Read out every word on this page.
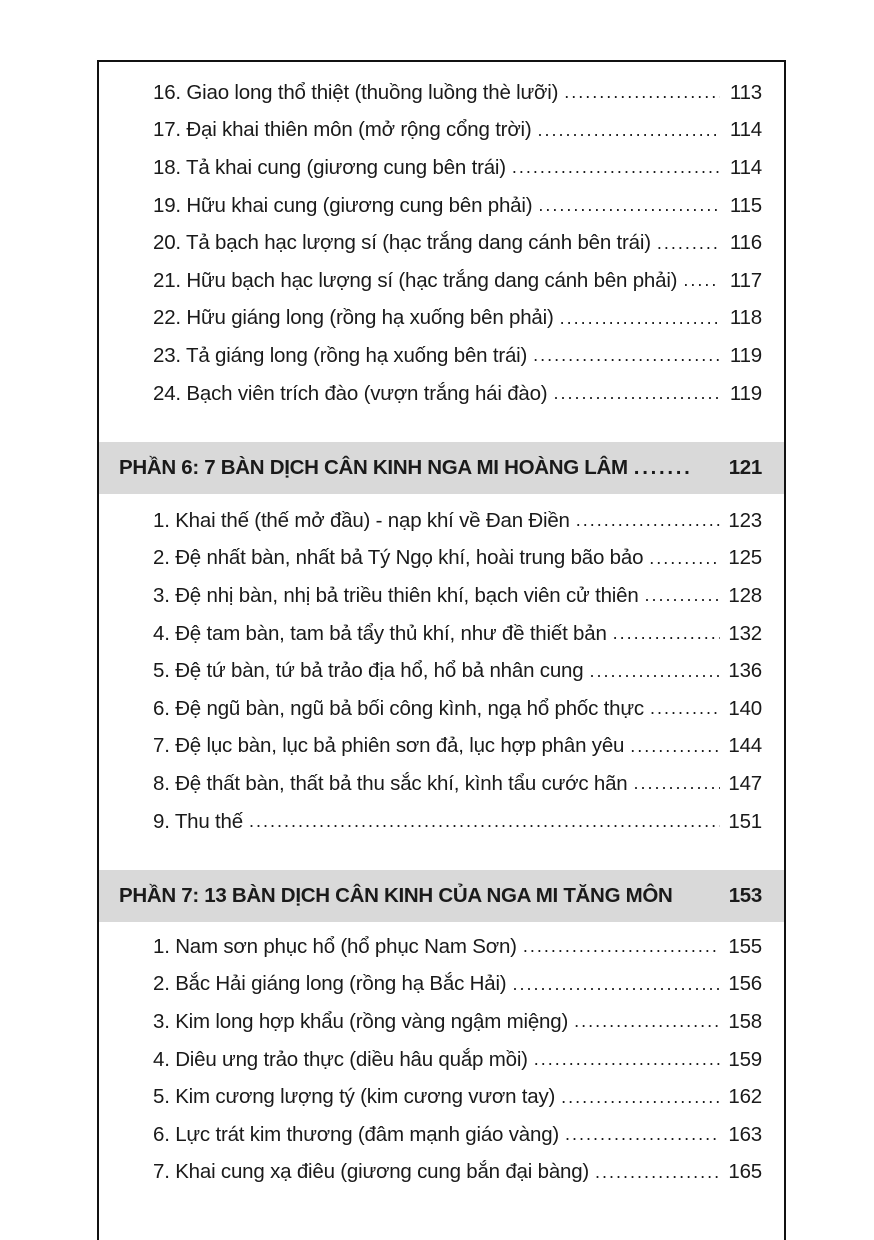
16. Giao long thổ thiệt (thuồng luồng thè lưỡi) . . .	113
17. Đại khai thiên môn (mở rộng cổng trời) . . .	114
18. Tả khai cung (giương cung bên trái) . . .	114
19. Hữu khai cung (giương cung bên phải) . . .	115
20. Tả bạch hạc lượng sí (hạc trắng dang cánh bên trái) . . .	116
21. Hữu bạch hạc lượng sí (hạc trắng dang cánh bên phải) . . .	117
22. Hữu giáng long (rồng hạ xuống bên phải) . . .	118
23. Tả giáng long (rồng hạ xuống bên trái) . . .	119
24. Bạch viên trích đào (vượn trắng hái đào) . . .	119
PHẦN 6: 7 BÀN DỊCH CÂN KINH NGA MI HOÀNG LÂM . . .	121
1. Khai thế (thế mở đầu) - nạp khí về Đan Điền . . .	123
2. Đệ nhất bàn, nhất bả Tý Ngọ khí, hoài trung bão bảo . . .	125
3. Đệ nhị bàn, nhị bả triều thiên khí, bạch viên cử thiên . . .	128
4. Đệ tam bàn, tam bả tẩy thủ khí, như đề thiết bản . . .	132
5. Đệ tứ bàn, tứ bả trảo địa hổ, hổ bả nhân cung . . .	136
6. Đệ ngũ bàn, ngũ bả bối công kình, ngạ hổ phốc thực . . .	140
7. Đệ lục bàn, lục bả phiên sơn đả, lục hợp phân yêu . . .	144
8. Đệ thất bàn, thất bả thu sắc khí, kình tẩu cước hãn . . .	147
9. Thu thế . . .	151
PHẦN 7: 13 BÀN DỊCH CÂN KINH CỦA NGA MI TĂNG MÔN	153
1. Nam sơn phục hổ (hổ phục Nam Sơn) . . .	155
2. Bắc Hải giáng long (rồng hạ Bắc Hải) . . .	156
3. Kim long hợp khẩu (rồng vàng ngậm miệng) . . .	158
4. Diêu ưng trảo thực (diều hâu quắp mồi) . . .	159
5. Kim cương lượng tý (kim cương vươn tay) . . .	162
6. Lực trát kim thương (đâm mạnh giáo vàng) . . .	163
7. Khai cung xạ điêu (giương cung bắn đại bàng) . . .	165
